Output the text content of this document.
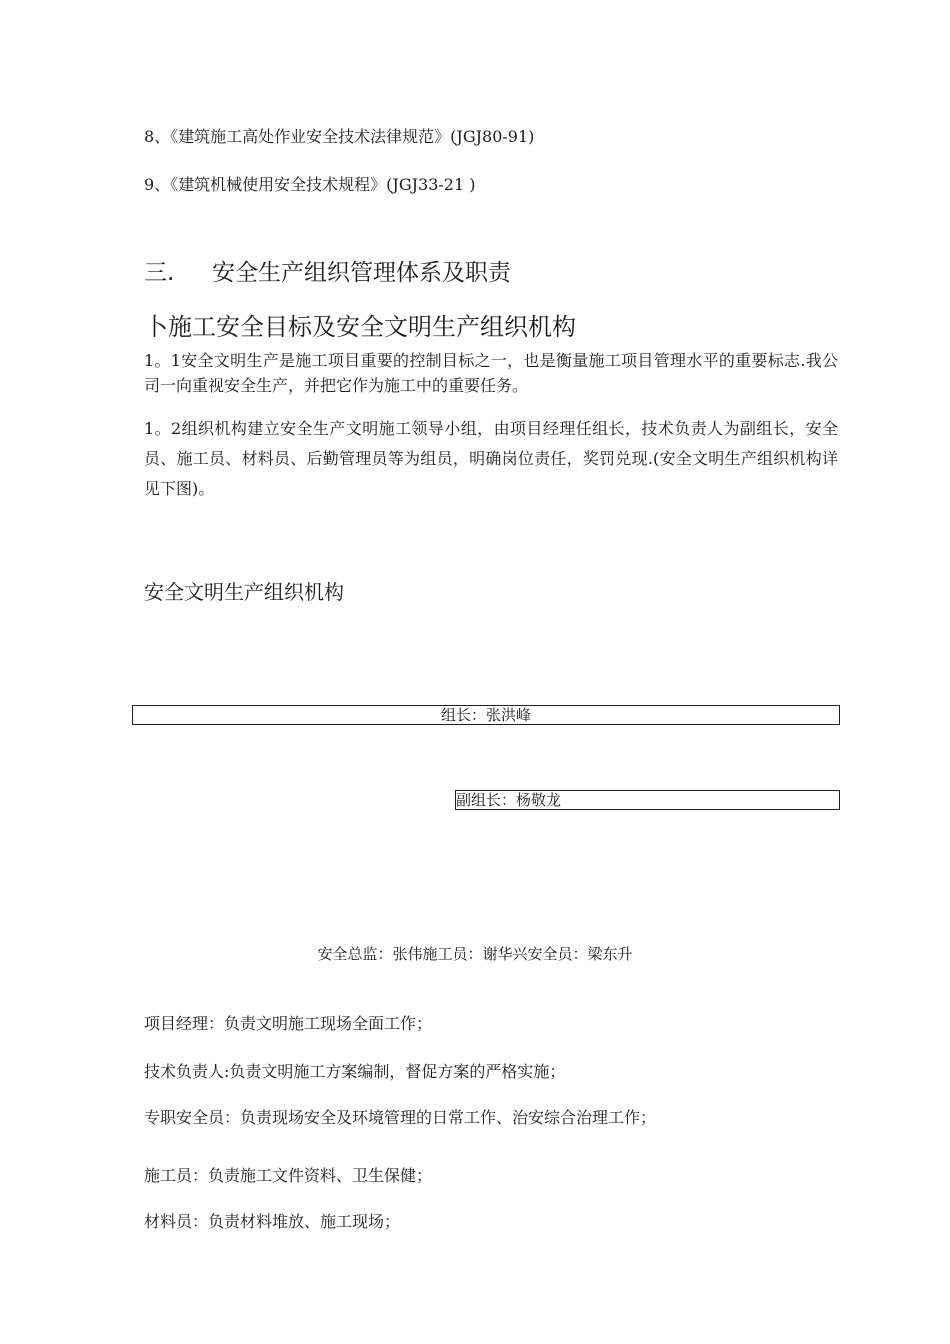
8、《建筑施工高处作业安全技术法律规范》(JGJ80-91)
9、《建筑机械使用安全技术规程》(JGJ33-21 )
三. 安全生产组织管理体系及职责
卜施工安全目标及安全文明生产组织机构
1。1安全文明生产是施工项目重要的控制目标之一，也是衡量施工项目管理水平的重要标志.我公司一向重视安全生产，并把它作为施工中的重要任务。
1。2组织机构建立安全生产文明施工领导小组，由项目经理任组长，技术负责人为副组长，安全员、施工员、材料员、后勤管理员等为组员，明确岗位责任，奖罚兑现.(安全文明生产组织机构详见下图)。
安全文明生产组织机构
组长：张洪峰
副组长：杨敬龙
安全总监：张伟施工员：谢华兴安全员：梁东升
项目经理：负责文明施工现场全面工作；
技术负责人:负责文明施工方案编制，督促方案的严格实施；
专职安全员：负责现场安全及环境管理的日常工作、治安综合治理工作；
施工员：负责施工文件资料、卫生保健；
材料员：负责材料堆放、施工现场；
